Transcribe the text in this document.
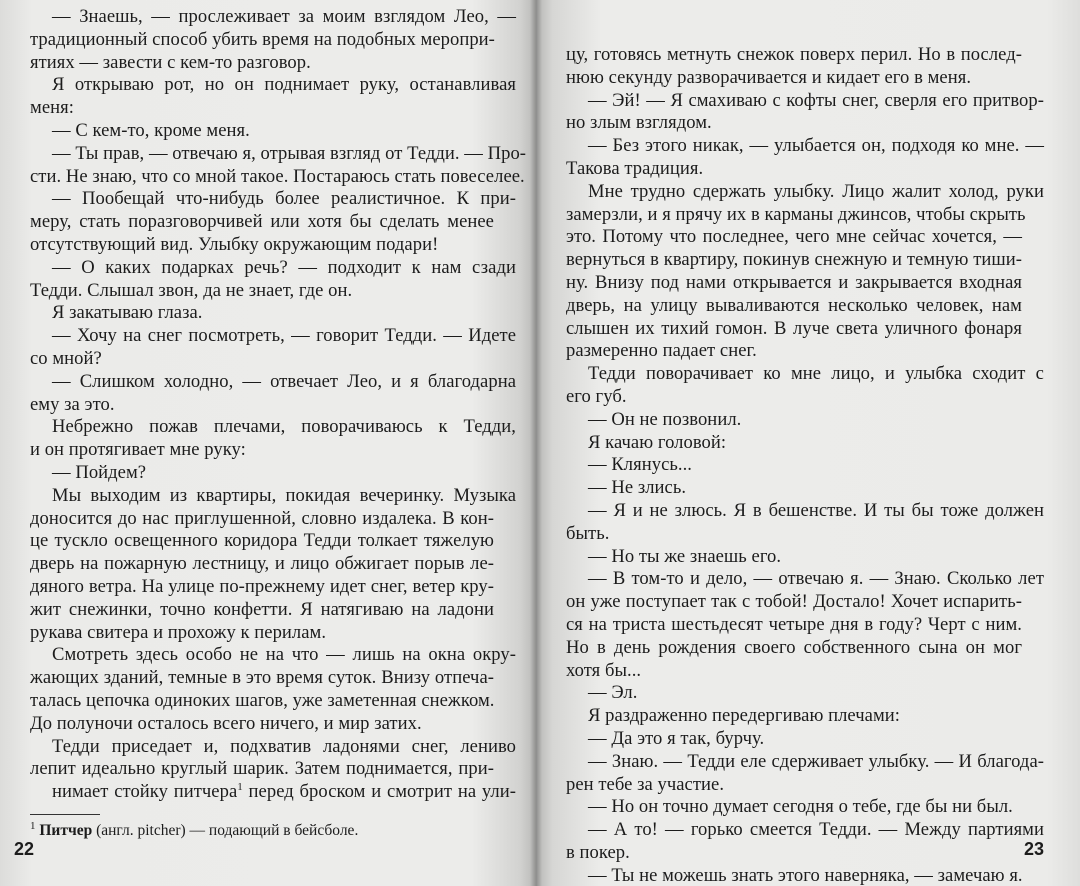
— Знаешь, — прослеживает за моим взглядом Лео, —
традиционный способ убить время на подобных меропри-
ятиях — завести с кем-то разговор.
Я открываю рот, но он поднимает руку, останавливая
меня:
— С кем-то, кроме меня.
— Ты прав, — отвечаю я, отрывая взгляд от Тедди. — Про-
сти. Не знаю, что со мной такое. Постараюсь стать повеселее.
— Пообещай что-нибудь более реалистичное. К при-
меру, стать поразговорчивей или хотя бы сделать менее
отсутствующий вид. Улыбку окружающим подари!
— О каких подарках речь? — подходит к нам сзади
Тедди. Слышал звон, да не знает, где он.
Я закатываю глаза.
— Хочу на снег посмотреть, — говорит Тедди. — Идете
со мной?
— Слишком холодно, — отвечает Лео, и я благодарна
ему за это.
Небрежно пожав плечами, поворачиваюсь к Тедди,
и он протягивает мне руку:
— Пойдем?
Мы выходим из квартиры, покидая вечеринку. Музыка
доносится до нас приглушенной, словно издалека. В кон-
це тускло освещенного коридора Тедди толкает тяжелую
дверь на пожарную лестницу, и лицо обжигает порыв ле-
дяного ветра. На улице по-прежнему идет снег, ветер кру-
жит снежинки, точно конфетти. Я натягиваю на ладони
рукава свитера и прохожу к перилам.
Смотреть здесь особо не на что — лишь на окна окру-
жающих зданий, темные в это время суток. Внизу отпеча-
талась цепочка одиноких шагов, уже заметенная снежком.
До полуночи осталось всего ничего, и мир затих.
Тедди приседает и, подхватив ладонями снег, лениво
лепит идеально круглый шарик. Затем поднимается, при-
нимает стойку питчера$^1$ перед броском и смотрит на ули-
$^1$ Питчер (англ. pitcher) — подающий в бейсболе.
22
цу, готовясь метнуть снежок поверх перил. Но в послед-
нюю секунду разворачивается и кидает его в меня.
— Эй! — Я смахиваю с кофты снег, сверля его притвор-
но злым взглядом.
— Без этого никак, — улыбается он, подходя ко мне. —
Такова традиция.
Мне трудно сдержать улыбку. Лицо жалит холод, руки
замерзли, и я прячу их в карманы джинсов, чтобы скрыть
это. Потому что последнее, чего мне сейчас хочется, —
вернуться в квартиру, покинув снежную и темную тиши-
ну. Внизу под нами открывается и закрывается входная
дверь, на улицу вываливаются несколько человек, нам
слышен их тихий гомон. В луче света уличного фонаря
размеренно падает снег.
Тедди поворачивает ко мне лицо, и улыбка сходит с
его губ.
— Он не позвонил.
Я качаю головой:
— Клянусь...
— Не злись.
— Я и не злюсь. Я в бешенстве. И ты бы тоже должен
быть.
— Но ты же знаешь его.
— В том-то и дело, — отвечаю я. — Знаю. Сколько лет
он уже поступает так с тобой! Достало! Хочет испарить-
ся на триста шестьдесят четыре дня в году? Черт с ним.
Но в день рождения своего собственного сына он мог
хотя бы...
— Эл.
Я раздраженно передергиваю плечами:
— Да это я так, бурчу.
— Знаю. — Тедди еле сдерживает улыбку. — И благода-
рен тебе за участие.
— Но он точно думает сегодня о тебе, где бы ни был.
— А то! — горько смеется Тедди. — Между партиями
в покер.
— Ты не можешь знать этого наверняка, — замечаю я.
23
